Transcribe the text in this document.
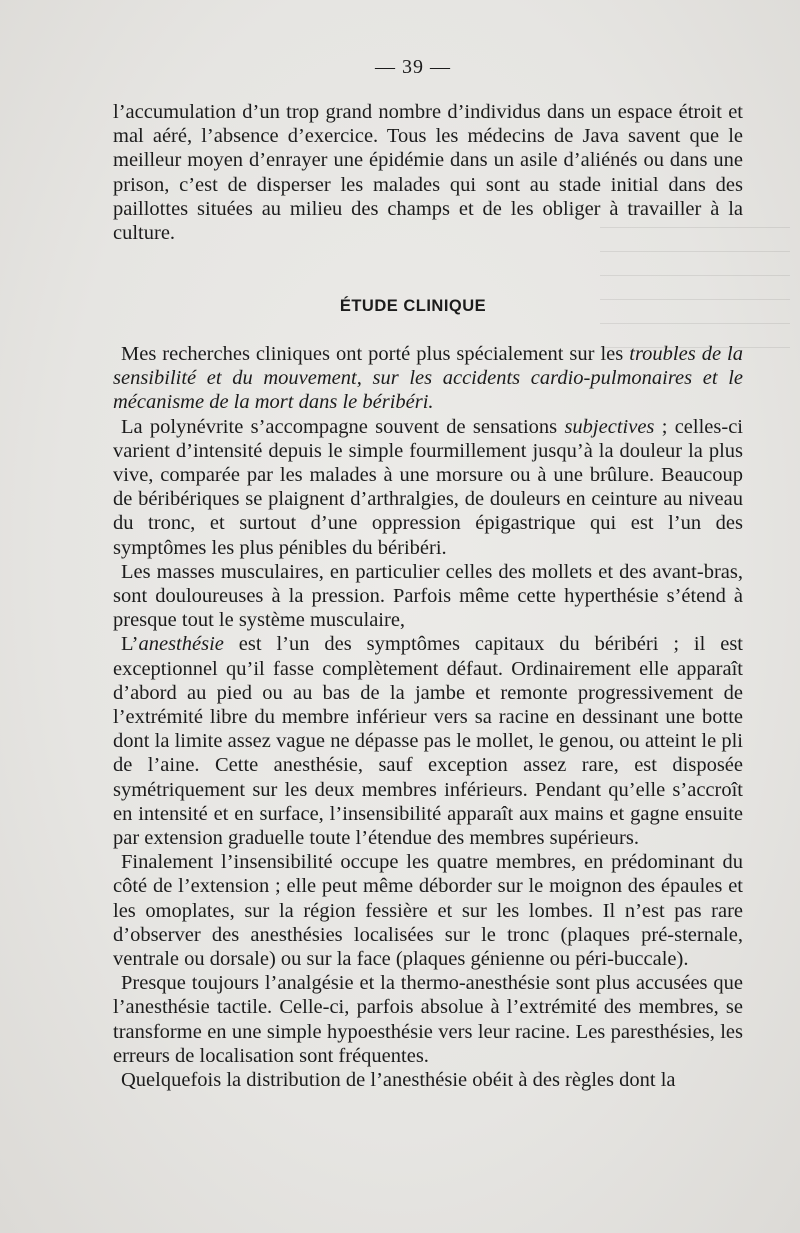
— 39 —

l’accumulation d’un trop grand nombre d’individus dans un espace étroit et mal aéré, l’absence d’exercice. Tous les médecins de Java savent que le meilleur moyen d’enrayer une épidémie dans un asile d’aliénés ou dans une prison, c’est de disperser les malades qui sont au stade initial dans des paillottes situées au milieu des champs et de les obliger à travailler à la culture.

ÉTUDE CLINIQUE

Mes recherches cliniques ont porté plus spécialement sur les troubles de la sensibilité et du mouvement, sur les accidents cardio-pulmonaires et le mécanisme de la mort dans le béribéri.

La polynévrite s’accompagne souvent de sensations subjectives ; celles-ci varient d’intensité depuis le simple fourmillement jusqu’à la douleur la plus vive, comparée par les malades à une morsure ou à une brûlure. Beaucoup de béribériques se plaignent d’arthralgies, de douleurs en ceinture au niveau du tronc, et surtout d’une oppression épigastrique qui est l’un des symptômes les plus pénibles du béribéri.

Les masses musculaires, en particulier celles des mollets et des avant-bras, sont douloureuses à la pression. Parfois même cette hyperthésie s’étend à presque tout le système musculaire,

L’anesthésie est l’un des symptômes capitaux du béribéri ; il est exceptionnel qu’il fasse complètement défaut. Ordinairement elle apparaît d’abord au pied ou au bas de la jambe et remonte progressivement de l’extrémité libre du membre inférieur vers sa racine en dessinant une botte dont la limite assez vague ne dépasse pas le mollet, le genou, ou atteint le pli de l’aine. Cette anesthésie, sauf exception assez rare, est disposée symétriquement sur les deux membres inférieurs. Pendant qu’elle s’accroît en intensité et en surface, l’insensibilité apparaît aux mains et gagne ensuite par extension graduelle toute l’étendue des membres supérieurs.

Finalement l’insensibilité occupe les quatre membres, en prédominant du côté de l’extension ; elle peut même déborder sur le moignon des épaules et les omoplates, sur la région fessière et sur les lombes. Il n’est pas rare d’observer des anesthésies localisées sur le tronc (plaques pré-sternale, ventrale ou dorsale) ou sur la face (plaques génienne ou péri-buccale).

Presque toujours l’analgésie et la thermo-anesthésie sont plus accusées que l’anesthésie tactile. Celle-ci, parfois absolue à l’extrémité des membres, se transforme en une simple hypoesthésie vers leur racine. Les paresthésies, les erreurs de localisation sont fréquentes.

Quelquefois la distribution de l’anesthésie obéit à des règles dont la
